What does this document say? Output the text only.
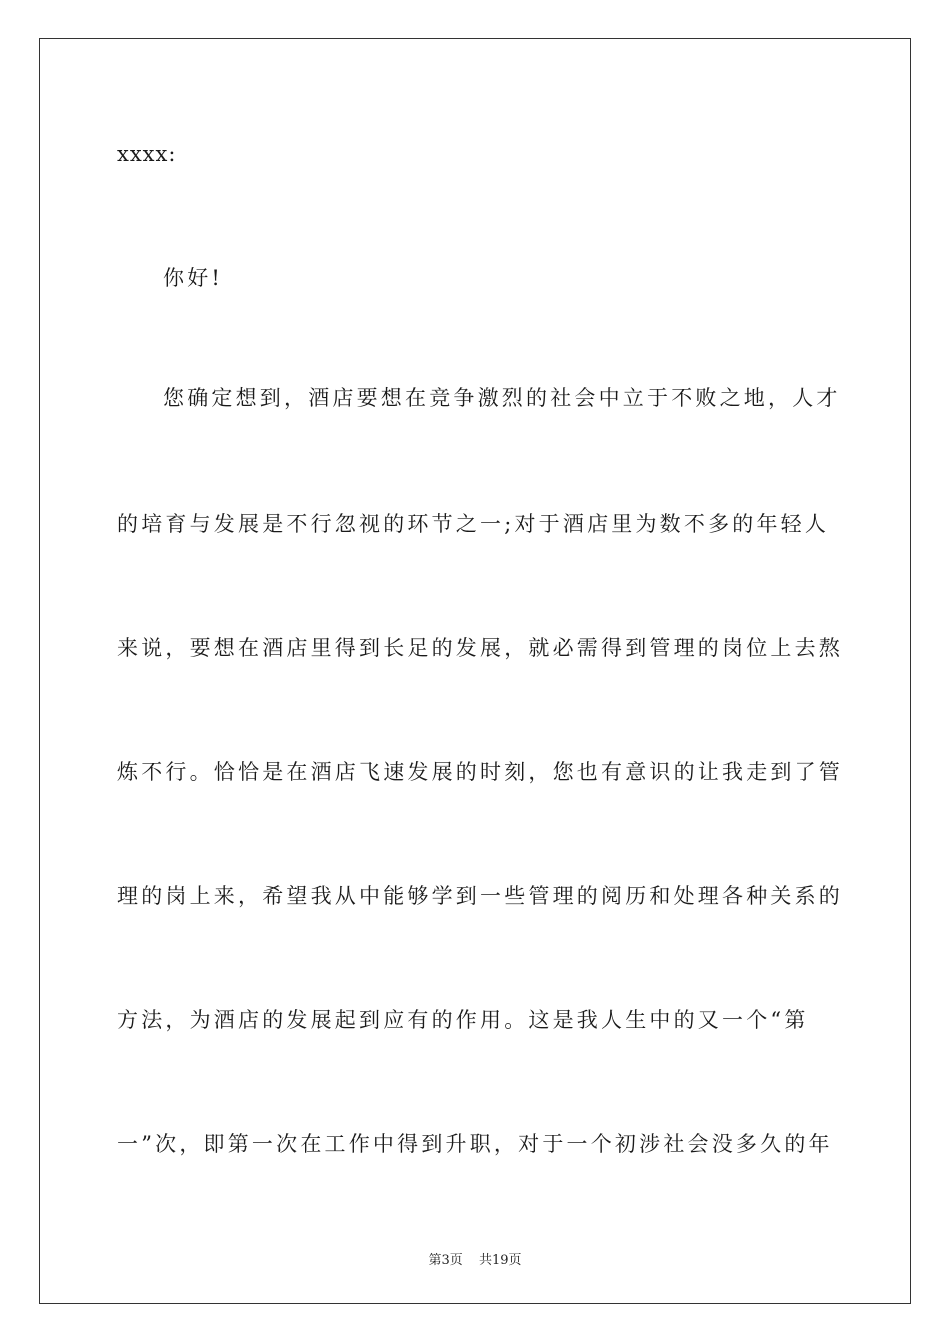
xxxx:
你好!
您确定想到，酒店要想在竞争激烈的社会中立于不败之地，人才
的培育与发展是不行忽视的环节之一;对于酒店里为数不多的年轻人
来说，要想在酒店里得到长足的发展，就必需得到管理的岗位上去熬
炼不行。恰恰是在酒店飞速发展的时刻，您也有意识的让我走到了管
理的岗上来，希望我从中能够学到一些管理的阅历和处理各种关系的
方法，为酒店的发展起到应有的作用。这是我人生中的又一个“第
一”次，即第一次在工作中得到升职，对于一个初涉社会没多久的年
第3页 共19页
